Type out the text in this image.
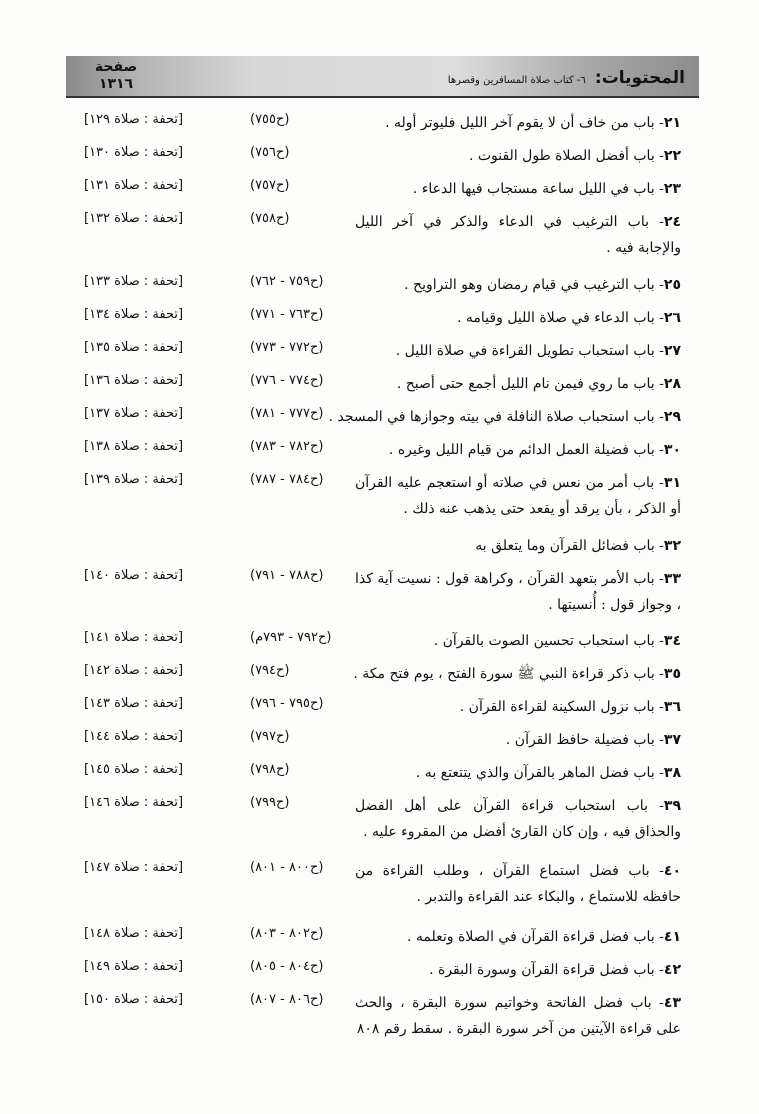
المحتويات: ٦- كتاب صلاة المسافرين وقصرها
صفحة
١٣١٦
٢١- باب من خاف أن لا يقوم آخر الليل فليوتر أوله .
(ح٧٥٥)
[تحفة : صلاة ١٢٩]
٢٢- باب أفضل الصلاة طول القنوت .
(ح٧٥٦)
[تحفة : صلاة ١٣٠]
٢٣- باب في الليل ساعة مستجاب فيها الدعاء .
(ح٧٥٧)
[تحفة : صلاة ١٣١]
٢٤- باب الترغيب في الدعاء والذكر في آخر الليل والإجابة فيه .
(ح٧٥٨)
[تحفة : صلاة ١٣٢]
٢٥- باب الترغيب في قيام رمضان وهو التراويح .
(ح٧٥٩ - ٧٦٢)
[تحفة : صلاة ١٣٣]
٢٦- باب الدعاء في صلاة الليل وقيامه .
(ح٧٦٣ - ٧٧١)
[تحفة : صلاة ١٣٤]
٢٧- باب استحباب تطويل القراءة في صلاة الليل .
(ح٧٧٢ - ٧٧٣)
[تحفة : صلاة ١٣٥]
٢٨- باب ما روي فيمن نام الليل أجمع حتى أصبح .
(ح٧٧٤ - ٧٧٦)
[تحفة : صلاة ١٣٦]
٢٩- باب استحباب صلاة النافلة في بيته وجوازها في المسجد .
(ح٧٧٧ - ٧٨١)
[تحفة : صلاة ١٣٧]
٣٠- باب فضيلة العمل الدائم من قيام الليل وغيره .
(ح٧٨٢ - ٧٨٣)
[تحفة : صلاة ١٣٨]
٣١- باب أمر من نعس في صلاته أو استعجم عليه القرآن أو الذكر ، بأن يرقد أو يقعد حتى يذهب عنه ذلك .
(ح٧٨٤ - ٧٨٧)
[تحفة : صلاة ١٣٩]
٣٢- باب فضائل القرآن وما يتعلق به
٣٣- باب الأمر بتعهد القرآن ، وكراهة قول : نسيت آية كذا ، وجواز قول : أُنسيتها .
(ح٧٨٨ - ٧٩١)
[تحفة : صلاة ١٤٠]
٣٤- باب استحباب تحسين الصوت بالقرآن .
(ح٧٩٢ - ٧٩٣م)
[تحفة : صلاة ١٤١]
٣٥- باب ذكر قراءة النبي ﷺ سورة الفتح ، يوم فتح مكة .
(ح٧٩٤)
[تحفة : صلاة ١٤٢]
٣٦- باب نزول السكينة لقراءة القرآن .
(ح٧٩٥ - ٧٩٦)
[تحفة : صلاة ١٤٣]
٣٧- باب فضيلة حافظ القرآن .
(ح٧٩٧)
[تحفة : صلاة ١٤٤]
٣٨- باب فضل الماهر بالقرآن والذي يتتعتع به .
(ح٧٩٨)
[تحفة : صلاة ١٤٥]
٣٩- باب استحباب قراءة القرآن على أهل الفضل والحذاق فيه ، وإن كان القارئ أفضل من المقروء عليه .
(ح٧٩٩)
[تحفة : صلاة ١٤٦]
٤٠- باب فضل استماع القرآن ، وطلب القراءة من حافظه للاستماع ، والبكاء عند القراءة والتدبر .
(ح٨٠٠ - ٨٠١)
[تحفة : صلاة ١٤٧]
٤١- باب فضل قراءة القرآن في الصلاة وتعلمه .
(ح٨٠٢ - ٨٠٣)
[تحفة : صلاة ١٤٨]
٤٢- باب فضل قراءة القرآن وسورة البقرة .
(ح٨٠٤ - ٨٠٥)
[تحفة : صلاة ١٤٩]
٤٣- باب فضل الفاتحة وخواتيم سورة البقرة ، والحث على قراءة الآيتين من آخر سورة البقرة . سقط رقم ٨٠٨
(ح٨٠٦ - ٨٠٧)
[تحفة : صلاة ١٥٠]
